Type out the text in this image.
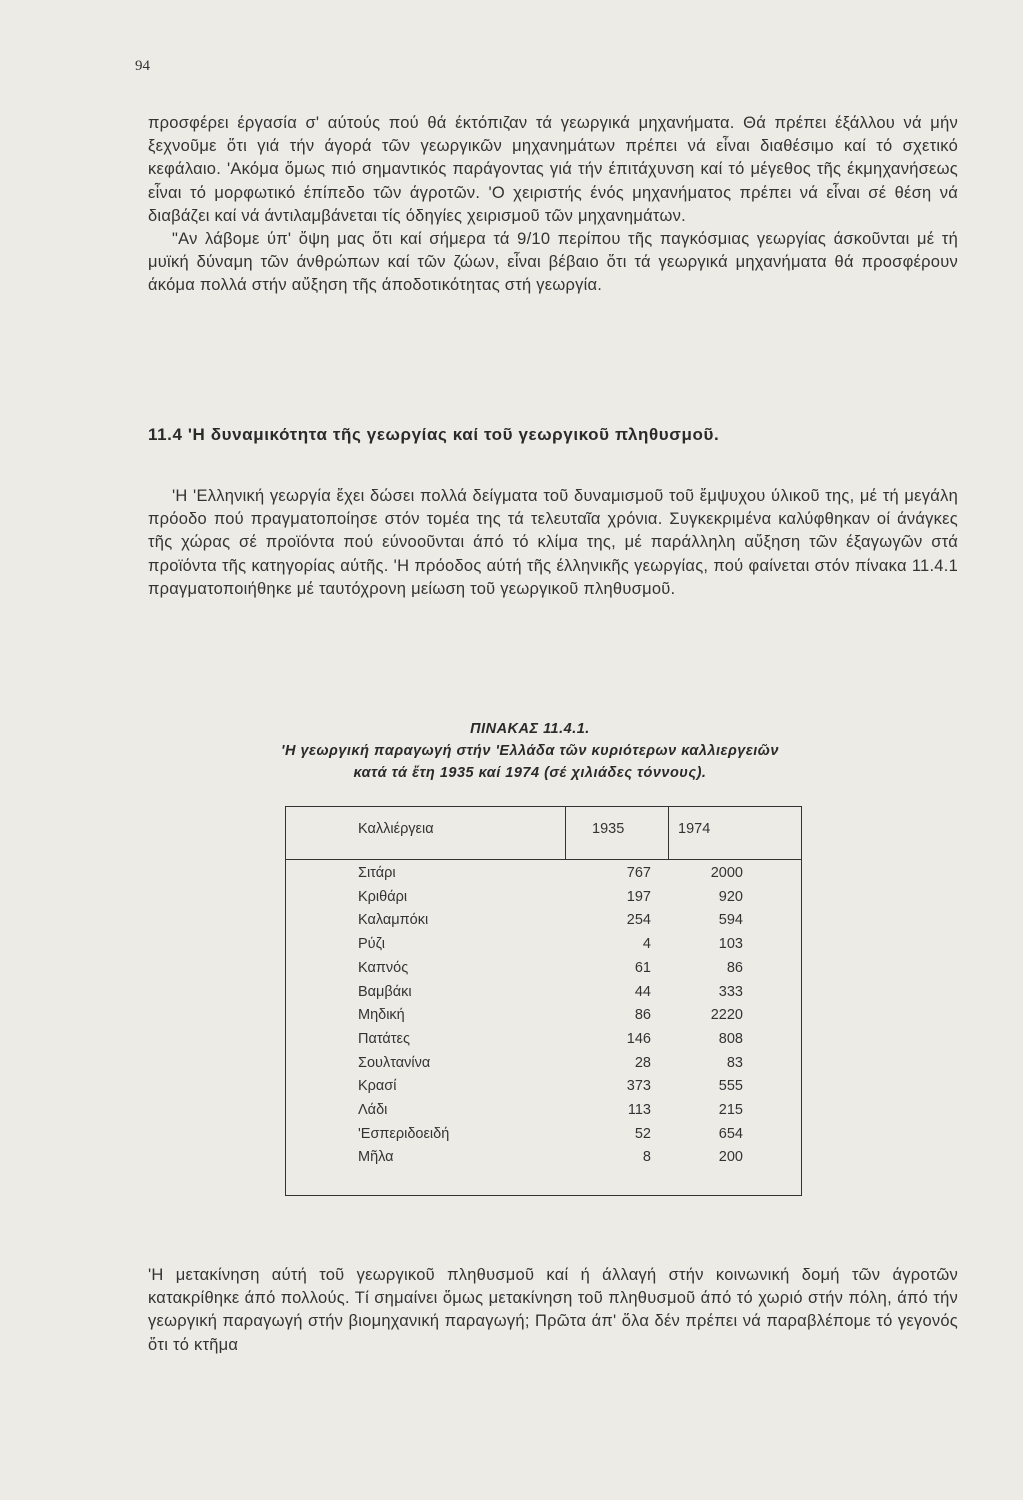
94

προσφέρει έργασία σ' αύτούς πού θά έκτόπιζαν τά γεωργικά μηχανήματα. Θά πρέπει έξάλλου νά μήν ξεχνοῦμε ὅτι γιά τήν άγορά τῶν γεωργικῶν μηχανημάτων πρέπει νά εἶναι διαθέσιμο καί τό σχετικό κεφάλαιο. 'Ακόμα ὅμως πιό σημαντικός παράγοντας γιά τήν έπιτάχυνση καί τό μέγεθος τῆς έκμηχανήσεως εἶναι τό μορφωτικό έπίπεδο τῶν άγροτῶν. 'Ο χειριστής ένός μηχανήματος πρέπει νά εἶναι σέ θέση νά διαβάζει καί νά άντιλαμβάνεται τίς όδηγίες χειρισμοῦ τῶν μηχανημάτων.

"Αν λάβομε ύπ' ὄψη μας ὅτι καί σήμερα τά 9/10 περίπου τῆς παγκόσμιας γεωργίας άσκοῦνται μέ τή μυϊκή δύναμη τῶν άνθρώπων καί τῶν ζώων, εἶναι βέβαιο ὅτι τά γεωργικά μηχανήματα θά προσφέρουν άκόμα πολλά στήν αὔξηση τῆς άποδοτικότητας στή γεωργία.

11.4 'Η δυναμικότητα τῆς γεωργίας καί τοῦ γεωργικοῦ πληθυσμοῦ.

'Η 'Ελληνική γεωργία ἔχει δώσει πολλά δείγματα τοῦ δυναμισμοῦ τοῦ ἔμψυχου ύλικοῦ της, μέ τή μεγάλη πρόοδο πού πραγματοποίησε στόν τομέα της τά τελευταῖα χρόνια. Συγκεκριμένα καλύφθηκαν οί άνάγκες τῆς χώρας σέ προϊόντα πού εύνοοῦνται άπό τό κλίμα της, μέ παράλληλη αὔξηση τῶν έξαγωγῶν στά προϊόντα τῆς κατηγορίας αύτῆς. 'Η πρόοδος αύτή τῆς έλληνικῆς γεωργίας, πού φαίνεται στόν πίνακα 11.4.1 πραγματοποιήθηκε μέ ταυτόχρονη μείωση τοῦ γεωργικοῦ πληθυσμοῦ.

ΠΙΝΑΚΑΣ 11.4.1.
'Η γεωργική παραγωγή στήν 'Ελλάδα τῶν κυριότερων καλλιεργειῶν
κατά τά ἔτη 1935 καί 1974 (σέ χιλιάδες τόννους).
Καλλιέργεια	1935	1974
Σιτάρι	767	2000
Κριθάρι	197	920
Καλαμπόκι	254	594
Ρύζι	4	103
Καπνός	61	86
Βαμβάκι	44	333
Μηδική	86	2220
Πατάτες	146	808
Σουλτανίνα	28	83
Κρασί	373	555
Λάδι	113	215
'Εσπεριδοειδή	52	654
Μῆλα	8	200

'Η μετακίνηση αύτή τοῦ γεωργικοῦ πληθυσμοῦ καί ή άλλαγή στήν κοινωνική δομή τῶν άγροτῶν κατακρίθηκε άπό πολλούς. Τί σημαίνει ὅμως μετακίνηση τοῦ πληθυσμοῦ άπό τό χωριό στήν πόλη, άπό τήν γεωργική παραγωγή στήν βιομηχανική παραγωγή; Πρῶτα άπ' ὅλα δέν πρέπει νά παραβλέπομε τό γεγονός ὅτι τό κτῆμα
